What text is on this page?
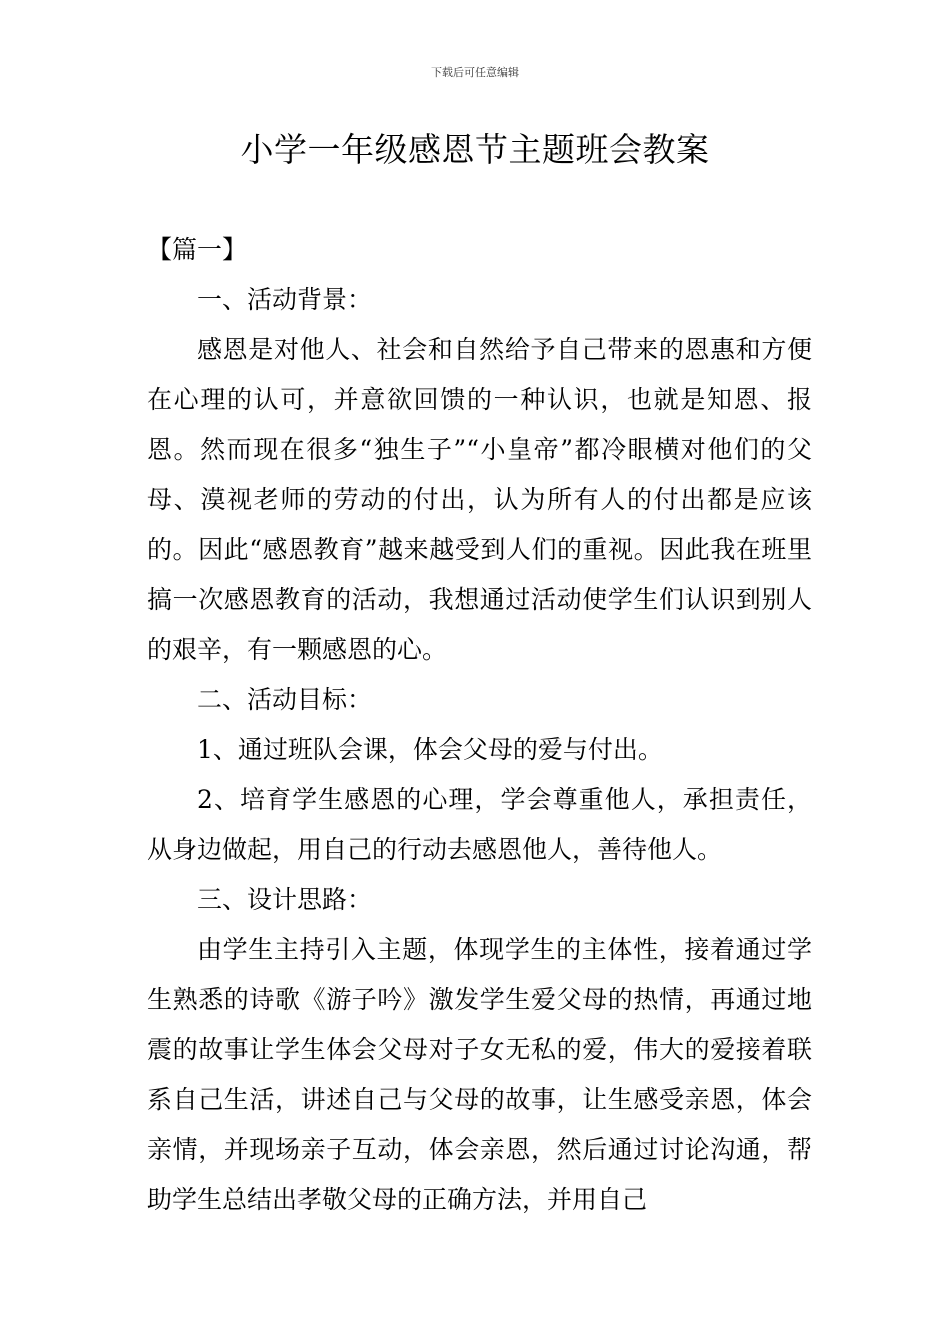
下载后可任意编辑
小学一年级感恩节主题班会教案

【篇一】

一、活动背景：

感恩是对他人、社会和自然给予自己带来的恩惠和方便在心理的认可，并意欲回馈的一种认识，也就是知恩、报恩。然而现在很多“独生子”“小皇帝”都冷眼横对他们的父母、漠视老师的劳动的付出，认为所有人的付出都是应该的。因此“感恩教育”越来越受到人们的重视。因此我在班里搞一次感恩教育的活动，我想通过活动使学生们认识到别人的艰辛，有一颗感恩的心。

二、活动目标：

1、通过班队会课，体会父母的爱与付出。

2、培育学生感恩的心理，学会尊重他人，承担责任，从身边做起，用自己的行动去感恩他人，善待他人。

三、设计思路：

由学生主持引入主题，体现学生的主体性，接着通过学生熟悉的诗歌《游子吟》激发学生爱父母的热情，再通过地震的故事让学生体会父母对子女无私的爱，伟大的爱接着联系自己生活，讲述自己与父母的故事，让生感受亲恩，体会亲情，并现场亲子互动，体会亲恩，然后通过讨论沟通，帮助学生总结出孝敬父母的正确方法，并用自己
